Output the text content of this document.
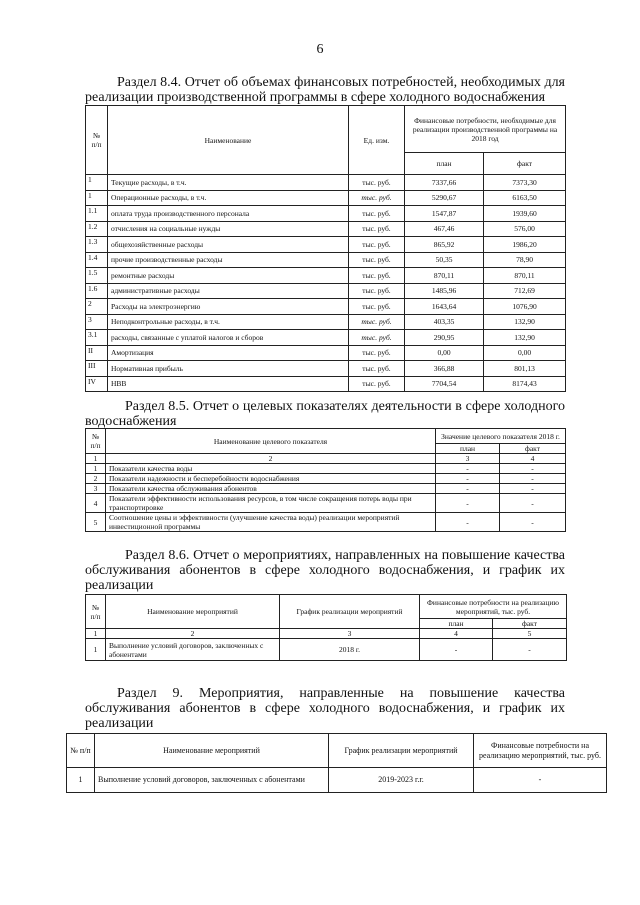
6
Раздел 8.4. Отчет об объемах финансовых потребностей, необходимых для реализации производственной программы в сфере холодного водоснабжения
№ п/п	Наименование	Ед. изм.	Финансовые потребности, необходимые для реализации производственной программы на 2018 год	
			план	факт
1	Текущие расходы, в т.ч.	тыс. руб.	7337,66	7373,30
1	Операционные расходы, в т.ч.	тыс. руб.	5290,67	6163,50
1.1	оплата труда производственного персонала	тыс. руб.	1547,87	1939,60
1.2	отчисления на социальные нужды	тыс. руб.	467,46	576,00
1.3	общехозяйственные расходы	тыс. руб.	865,92	1986,20
1.4	прочие производственные расходы	тыс. руб.	50,35	78,90
1.5	ремонтные расходы	тыс. руб.	870,11	870,11
1.6	административные расходы	тыс. руб.	1485,96	712,69
2	Расходы на электроэнергию	тыс. руб.	1643,64	1076,90
3	Неподконтрольные расходы, в т.ч.	тыс. руб.	403,35	132,90
3.1	расходы, связанные с уплатой налогов и сборов	тыс. руб.	290,95	132,90
II	Амортизация	тыс. руб.	0,00	0,00
III	Нормативная прибыль	тыс. руб.	366,88	801,13
IV	НВВ	тыс. руб.	7704,54	8174,43
Раздел 8.5. Отчет о целевых показателях деятельности в сфере холодного водоснабжения
№ п/п	Наименование целевого показателя	Значение целевого показателя 2018 г.	
		план	факт
1	2	3	4
1	Показатели качества воды	-	-
2	Показатели надежности и бесперебойности водоснабжения	-	-
3	Показатели качества обслуживания абонентов	-	-
4	Показатели эффективности использования ресурсов, в том числе сокращения потерь воды при транспортировке	-	-
5	Соотношение цены и эффективности (улучшение качества воды) реализации мероприятий инвестиционной программы	-	-
Раздел 8.6. Отчет о мероприятиях, направленных на повышение качества обслуживания абонентов в сфере холодного водоснабжения, и график их реализации
№ п/п	Наименование мероприятий	График реализации мероприятий	Финансовые потребности на реализацию мероприятий, тыс. руб.	
			план	факт
1	2	3	4	5
1	Выполнение условий договоров, заключенных с абонентами	2018 г.	-	-
Раздел 9. Мероприятия, направленные на повышение качества обслуживания абонентов в сфере холодного водоснабжения, и график их реализации
№ п/п	Наименование мероприятий	График реализации мероприятий	Финансовые потребности на реализацию мероприятий, тыс. руб.
1	Выполнение условий договоров, заключенных с абонентами	2019-2023 г.г.	-
